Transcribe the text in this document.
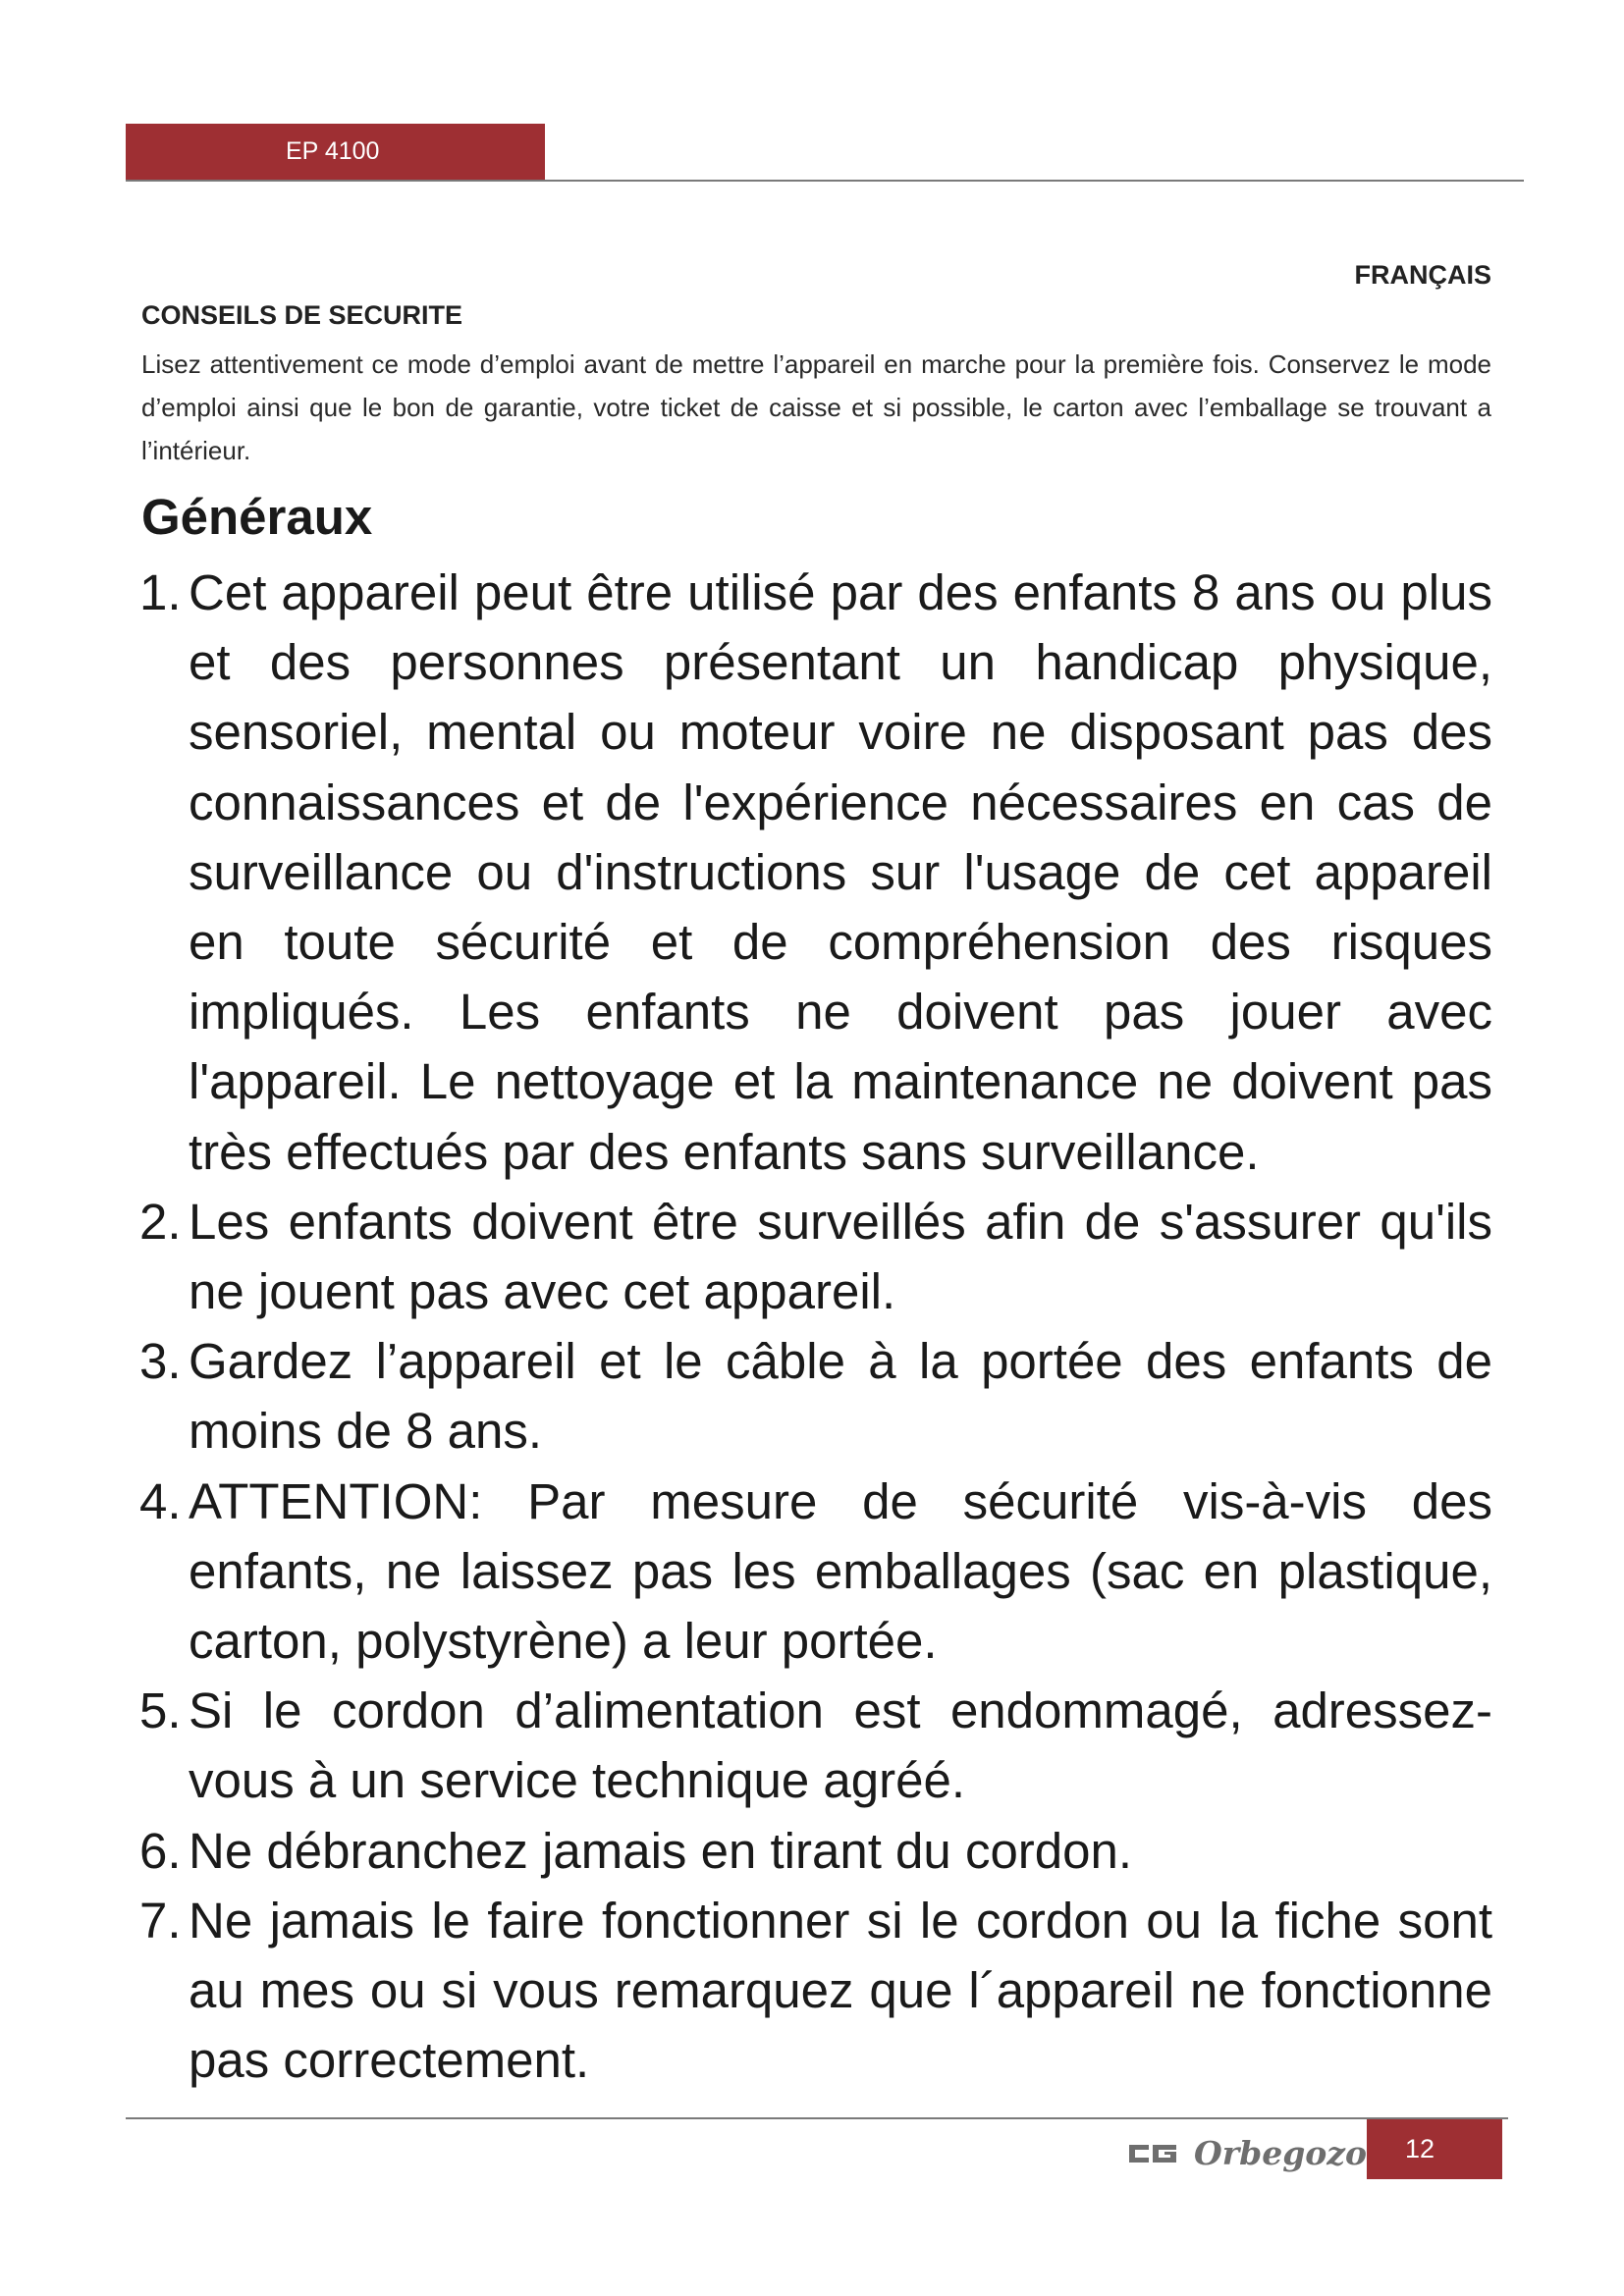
EP 4100
FRANÇAIS
CONSEILS DE SECURITE

Lisez attentivement ce mode d’emploi avant de mettre l’appareil en marche pour la première fois. Conservez le mode d’emploi ainsi que le bon de garantie, votre ticket de caisse et si possible, le carton avec l’emballage se trouvant a l’intérieur.

Généraux
1. Cet appareil peut être utilisé par des enfants 8 ans ou plus et des personnes présentant un handicap physique, sensoriel, mental ou moteur voire ne disposant pas des connaissances et de l'expérience nécessaires en cas de surveillance ou d'instructions sur l'usage de cet appareil en toute sécurité et de compréhension des risques impliqués. Les enfants ne doivent pas jouer avec l'appareil. Le nettoyage et la maintenance ne doivent pas très effectués par des enfants sans surveillance.
2. Les enfants doivent être surveillés afin de s'assurer qu'ils ne jouent pas avec cet appareil.
3. Gardez l’appareil et le câble à la portée des enfants de moins de 8 ans.
4. ATTENTION: Par mesure de sécurité vis-à-vis des enfants, ne laissez pas les emballages (sac en plastique, carton, polystyrène) a leur portée.
5. Si le cordon d’alimentation est endommagé, adressez-vous à un service technique agréé.
6. Ne débranchez jamais en tirant du cordon.
7. Ne jamais le faire fonctionner si le cordon ou la fiche sont au mes ou si vous remarquez que l´appareil ne fonctionne pas correctement.
Orbegozo	12
